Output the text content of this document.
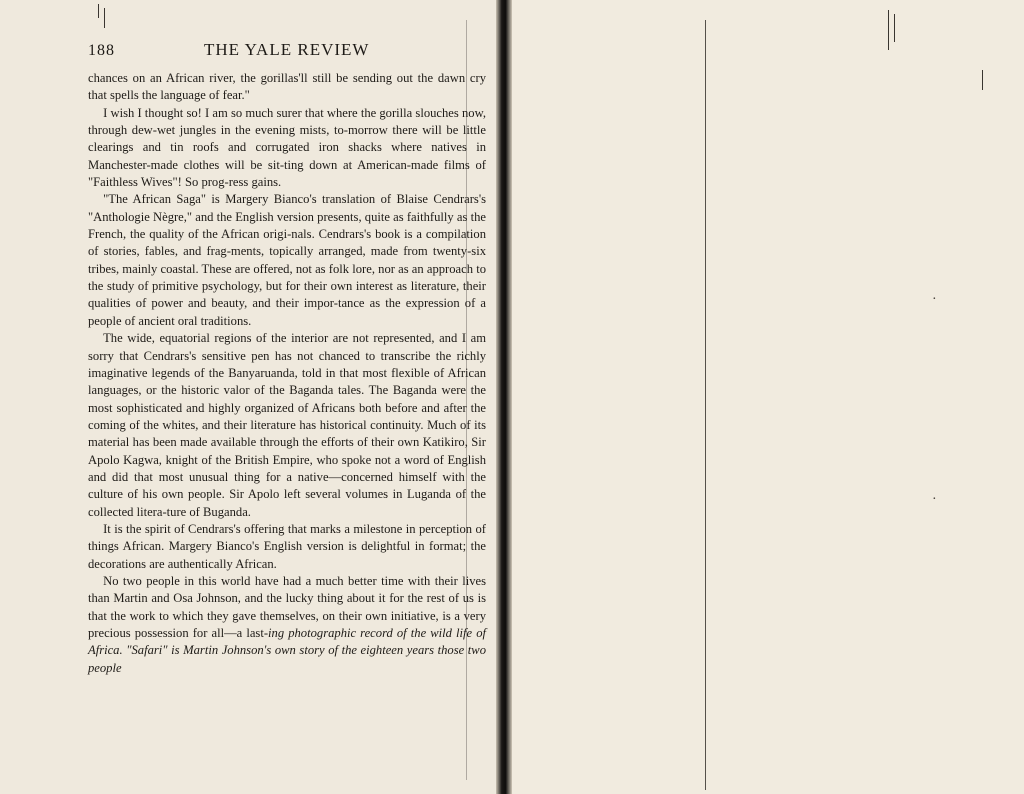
188	THE YALE REVIEW

chances on an African river, the gorillas'll still be sending out the dawn cry that spells the language of fear."

I wish I thought so! I am so much surer that where the gorilla slouches now, through dew-wet jungles in the evening mists, to-morrow there will be little clearings and tin roofs and corrugated iron shacks where natives in Manchester-made clothes will be sit-ting down at American-made films of "Faithless Wives"! So prog-ress gains.

"The African Saga" is Margery Bianco's translation of Blaise Cendrars's "Anthologie Nègre," and the English version presents, quite as faithfully as the French, the quality of the African origi-nals. Cendrars's book is a compilation of stories, fables, and frag-ments, topically arranged, made from twenty-six tribes, mainly coastal. These are offered, not as folk lore, nor as an approach to the study of primitive psychology, but for their own interest as literature, their qualities of power and beauty, and their impor-tance as the expression of a people of ancient oral traditions.

The wide, equatorial regions of the interior are not represented, and I am sorry that Cendrars's sensitive pen has not chanced to transcribe the richly imaginative legends of the Banyaruanda, told in that most flexible of African languages, or the historic valor of the Baganda tales. The Baganda were the most sophisticated and highly organized of Africans both before and after the coming of the whites, and their literature has historical continuity. Much of its material has been made available through the efforts of their own Katikiro, Sir Apolo Kagwa, knight of the British Empire, who spoke not a word of English and did that most unusual thing for a native—concerned himself with the culture of his own people. Sir Apolo left several volumes in Luganda of the collected litera-ture of Buganda.

It is the spirit of Cendrars's offering that marks a milestone in perception of things African. Margery Bianco's English version is delightful in format; the decorations are authentically African.

No two people in this world have had a much better time with their lives than Martin and Osa Johnson, and the lucky thing about it for the rest of us is that the work to which they gave themselves, on their own initiative, is a very precious possession for all—a last-ing photographic record of the wild life of Africa. "Safari" is Martin Johnson's own story of the eighteen years those two people

·
·
